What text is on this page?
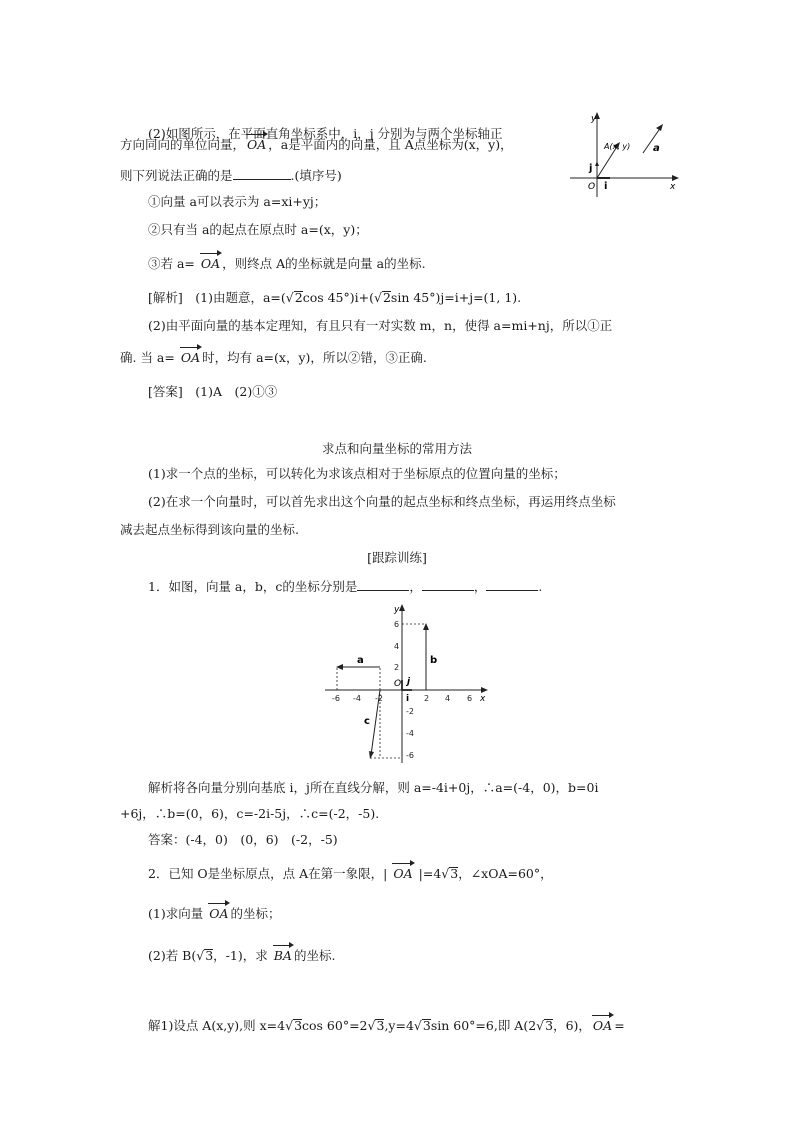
(2)如图所示，在平面直角坐标系中，i，j 分别为与两个坐标轴正
方向同向的单位向量， OA ，a是平面内的向量，且 A点坐标为(x，y)，
则下列说法正确的是	.(填序号)
①向量 a可以表示为 a=xi+yj；
②只有当 a的起点在原点时 a=(x，y)；
③若 a= OA ，则终点 A的坐标就是向量 a的坐标.
y
x
O i
j
A(x, y) a
[解析]　(1)由题意，a=(√2cos 45°)i+(√2sin 45°)j=i+j=(1, 1).
(2)由平面向量的基本定理知，有且只有一对实数 m，n，使得 a=mi+nj，所以①正
确. 当 a= OA 时，均有 a=(x，y)，所以②错，③正确.
[答案]　(1)A　(2)①③
求点和向量坐标的常用方法
(1)求一个点的坐标，可以转化为求该点相对于坐标原点的位置向量的坐标；
(2)在求一个向量时，可以首先求出这个向量的起点坐标和终点坐标，再运用终点坐标
减去起点坐标得到该向量的坐标.
[跟踪训练]
1．如图，向量 a，b，c的坐标分别是	，	，	.
-6 -4 -2	2 4 6
6
4
2
-2
-4
-6
x
y
O
i
j
a	b
c
解析将各向量分别向基底 i，j所在直线分解，则 a=-4i+0j，∴a=(-4，0)，b=0i
+6j，∴b=(0，6)，c=-2i-5j，∴c=(-2，-5).
答案：(-4，0)　(0，6)　(-2，-5)
2．已知 O是坐标原点，点 A在第一象限，| OA |=4√3，∠xOA=60°，
(1)求向量 OA 的坐标；
(2)若 B(√3，-1)，求 BA 的坐标.
解1)设点 A(x,y),则 x=4√3cos 60°=2√3,y=4√3sin 60°=6,即 A(2√3，6)， OA =
